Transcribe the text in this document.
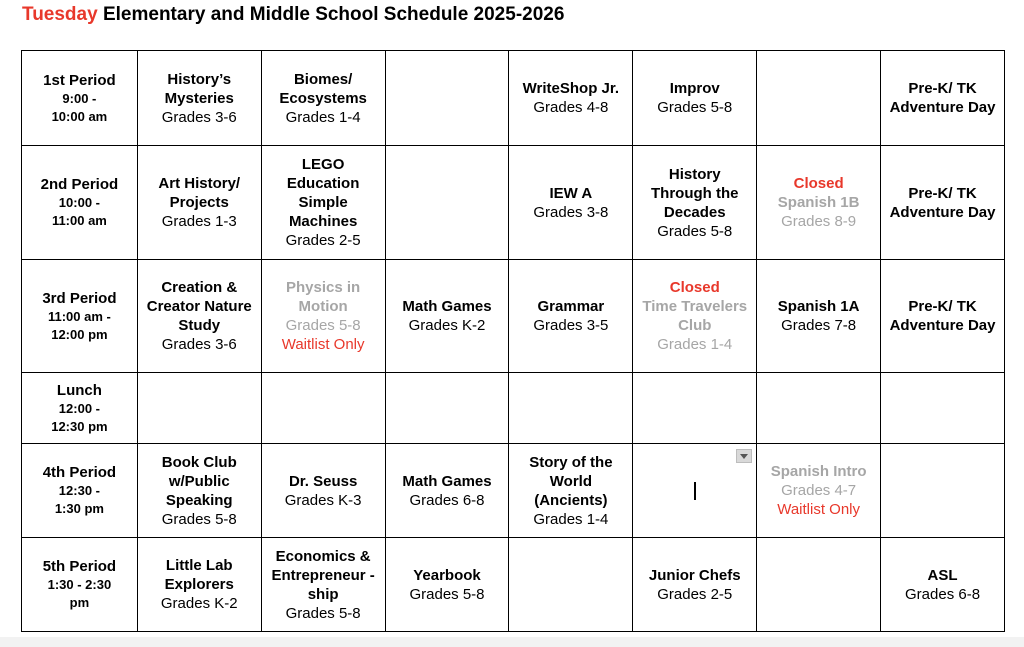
Tuesday Elementary and Middle School Schedule 2025-2026
1st Period
9:00 -
10:00 am	History’s Mysteries
Grades 3-6	Biomes/ Ecosystems
Grades 1-4		WriteShop Jr.
Grades 4-8	Improv
Grades 5-8		Pre-K/ TK Adventure Day

2nd Period
10:00 -
11:00 am	Art History/ Projects
Grades 1-3	LEGO Education Simple Machines
Grades 2-5		IEW A
Grades 3-8	History Through the Decades
Grades 5-8	Closed
Spanish 1B
Grades 8-9	Pre-K/ TK Adventure Day

3rd Period
11:00 am -
12:00 pm	Creation & Creator Nature Study
Grades 3-6	Physics in Motion
Grades 5-8
Waitlist Only	Math Games
Grades K-2	Grammar
Grades 3-5	Closed
Time Travelers Club
Grades 1-4	Spanish 1A
Grades 7-8	Pre-K/ TK Adventure Day

Lunch
12:00 -
12:30 pm							

4th Period
12:30 -
1:30 pm	Book Club w/Public Speaking
Grades 5-8	Dr. Seuss
Grades K-3	Math Games
Grades 6-8	Story of the World (Ancients)
Grades 1-4		Spanish Intro
Grades 4-7
Waitlist Only	

5th Period
1:30 - 2:30
pm	Little Lab Explorers
Grades K-2	Economics & Entrepreneur -ship
Grades 5-8	Yearbook
Grades 5-8		Junior Chefs
Grades 2-5		ASL
Grades 6-8
